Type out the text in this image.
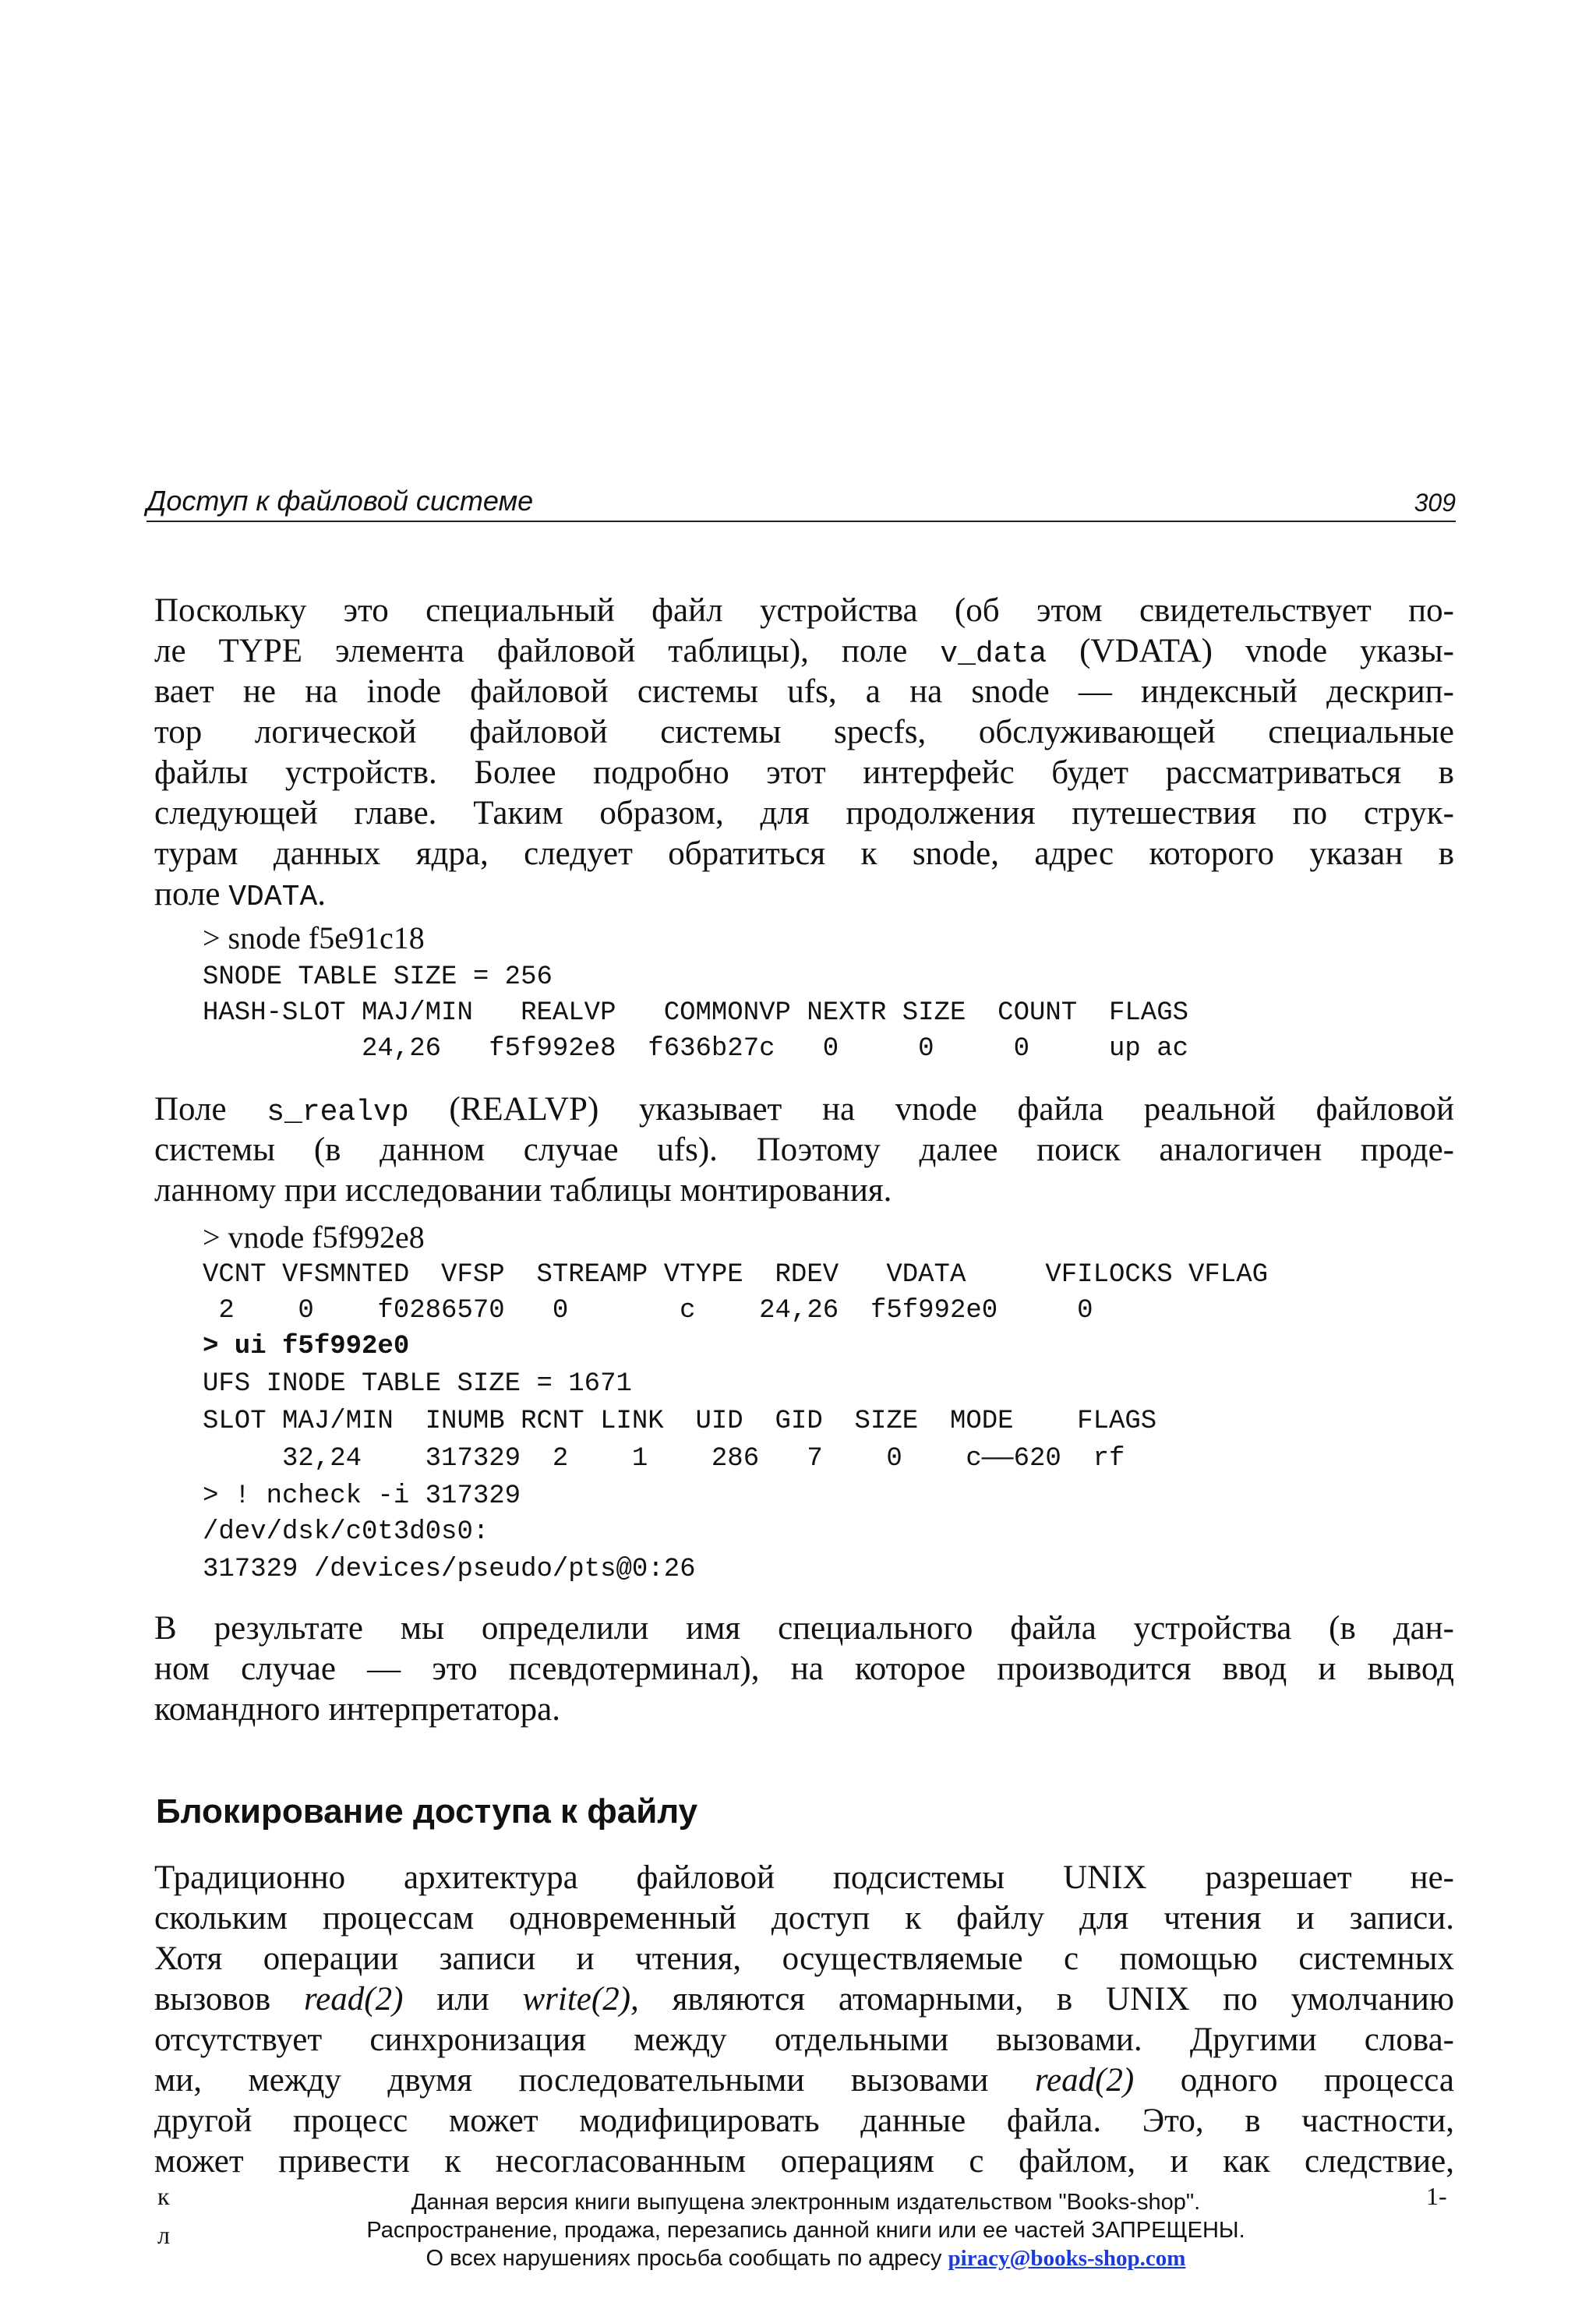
Доступ к файловой системе	309

Поскольку это специальный файл устройства (об этом свидетельствует по-

ле TYPE элемента файловой таблицы), поле v_data (VDATA) vnode указы-

вает не на inode файловой системы ufs, а на snode — индексный дескрип-

тор логической файловой системы specfs, обслуживающей специальные

файлы устройств. Более подробно этот интерфейс будет рассматриваться в

следующей главе. Таким образом, для продолжения путешествия по струк-

турам данных ядра, следует обратиться к snode, адрес которого указан в

поле VDATA.

> snode f5e91c18
SNODE TABLE SIZE = 256
HASH-SLOT MAJ/MIN   REALVP   COMMONVP NEXTR SIZE  COUNT  FLAGS
24,26   f5f992e8  f636b27c   0     0     0     up ac

Поле s_realvp (REALVP) указывает на vnode файла реальной файловой

системы (в данном случае ufs). Поэтому далее поиск аналогичен проде-

ланному при исследовании таблицы монтирования.

> vnode f5f992e8
VCNT VFSMNTED  VFSP  STREAMP VTYPE  RDEV   VDATA     VFILOCKS VFLAG
2    0    f0286570   0       c    24,26  f5f992e0     0
> ui f5f992e0
UFS INODE TABLE SIZE = 1671
SLOT MAJ/MIN  INUMB RCNT LINK  UID  GID  SIZE  MODE    FLAGS
32,24    317329  2    1    286   7    0    c——620  rf
> ! ncheck -i 317329
/dev/dsk/c0t3d0s0:
317329 /devices/pseudo/pts@0:26

В результате мы определили имя специального файла устройства (в дан-

ном случае — это псевдотерминал), на которое производится ввод и вывод

командного интерпретатора.

Блокирование доступа к файлу

Традиционно архитектура файловой подсистемы UNIX разрешает не-

скольким процессам одновременный доступ к файлу для чтения и записи.

Хотя операции записи и чтения, осуществляемые с помощью системных

вызовов read(2) или write(2), являются атомарными, в UNIX по умолчанию

отсутствует синхронизация между отдельными вызовами. Другими слова-

ми, между двумя последовательными вызовами read(2) одного процесса

другой процесс может модифицировать данные файла. Это, в частности,

может привести к несогласованным операциям с файлом, и как следствие,

к
л
1-
Данная версия книги выпущена электронным издательством "Books-shop".
Распространение, продажа, перезапись данной книги или ее частей ЗАПРЕЩЕНЫ.
О всех нарушениях просьба сообщать по адресу piracy@books-shop.com
